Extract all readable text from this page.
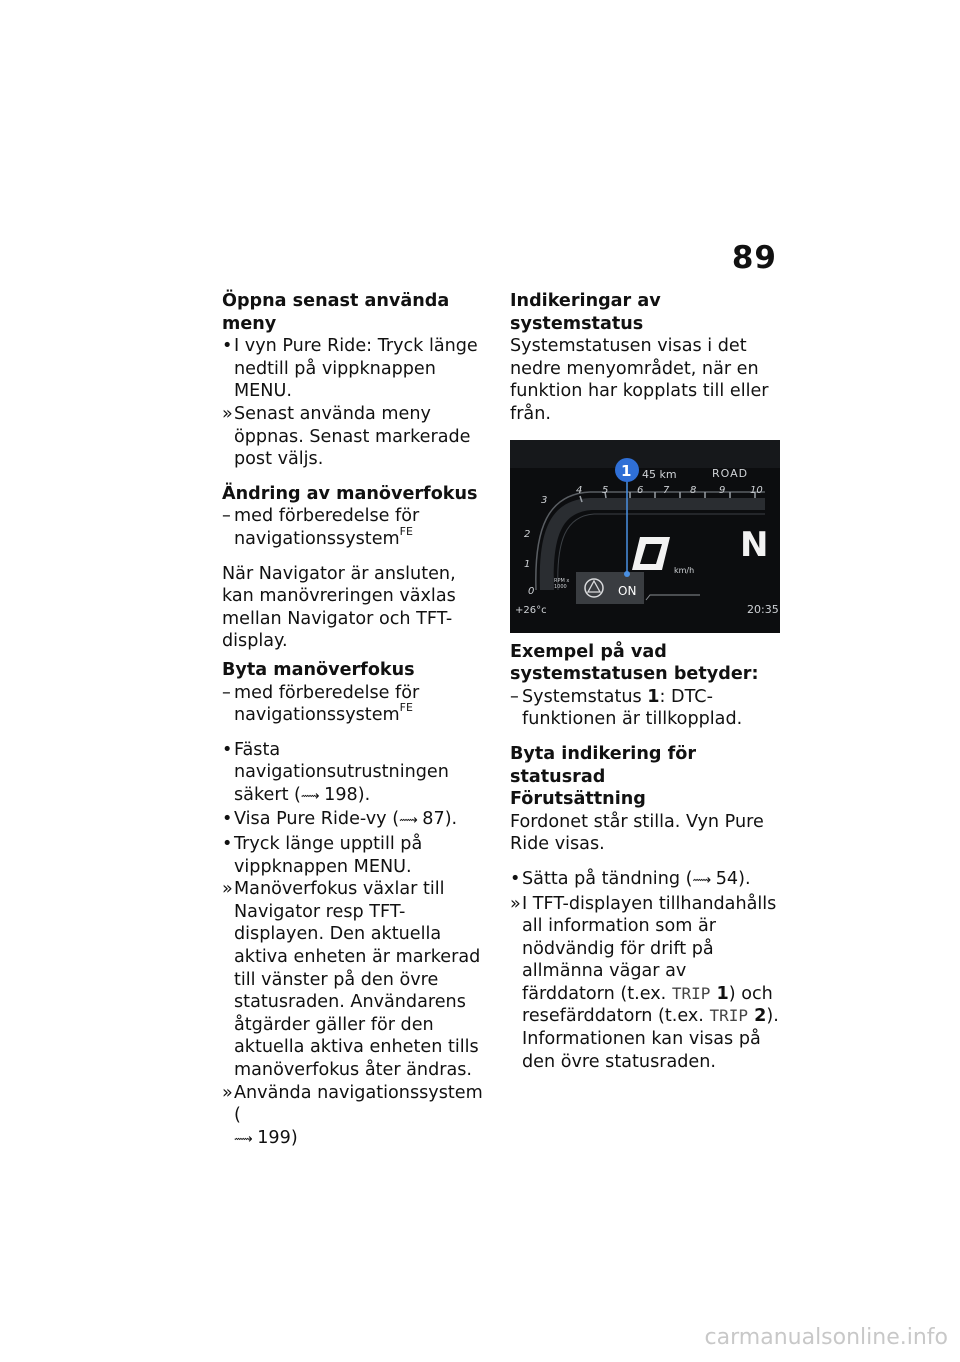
89

Öppna senast använda meny

• I vyn Pure Ride: Tryck länge nedtill på vippknappen MENU.

» Senast använda meny öppnas. Senast markerade post väljs.

Ändring av manöverfokus

– med förberedelse för navigationssystem$^{FE}$

När Navigator är ansluten, kan manövreringen växlas mellan Navigator och TFT-display.

Byta manöverfokus

– med förberedelse för navigationssystem$^{FE}$

• Fästa navigationsutrustningen säkert (⟿ 198).

• Visa Pure Ride-vy (⟿ 87).

• Tryck länge upptill på vippknappen MENU.

» Manöverfokus växlar till Navigator resp TFT-displayen. Den aktuella aktiva enheten är markerad till vänster på den övre statusraden. Användarens åtgärder gäller för den aktuella aktiva enheten tills manöverfokus åter ändras.

» Använda navigationssystem (
⟿ 199)

Indikeringar av systemstatus

Systemstatusen visas i det nedre menyområdet, när en funktion har kopplats till eller från.

1 45 km	ROAD
0
1
2
3
4 5	6 7 8 9 10
km/h
N
RPM x 1000	ON
+26°c	20:35

Exempel på vad systemstatusen betyder:

– Systemstatus 1: DTC-funktionen är tillkopplad.

Byta indikering för statusrad

Förutsättning

Fordonet står stilla. Vyn Pure Ride visas.

• Sätta på tändning (⟿ 54).

» I TFT-displayen tillhandahålls all information som är nödvändig för drift på allmänna vägar av färddatorn (t.ex. TRIP 1) och resefärddatorn (t.ex. TRIP 2). Informationen kan visas på den övre statusraden.

carmanualsonline.info
